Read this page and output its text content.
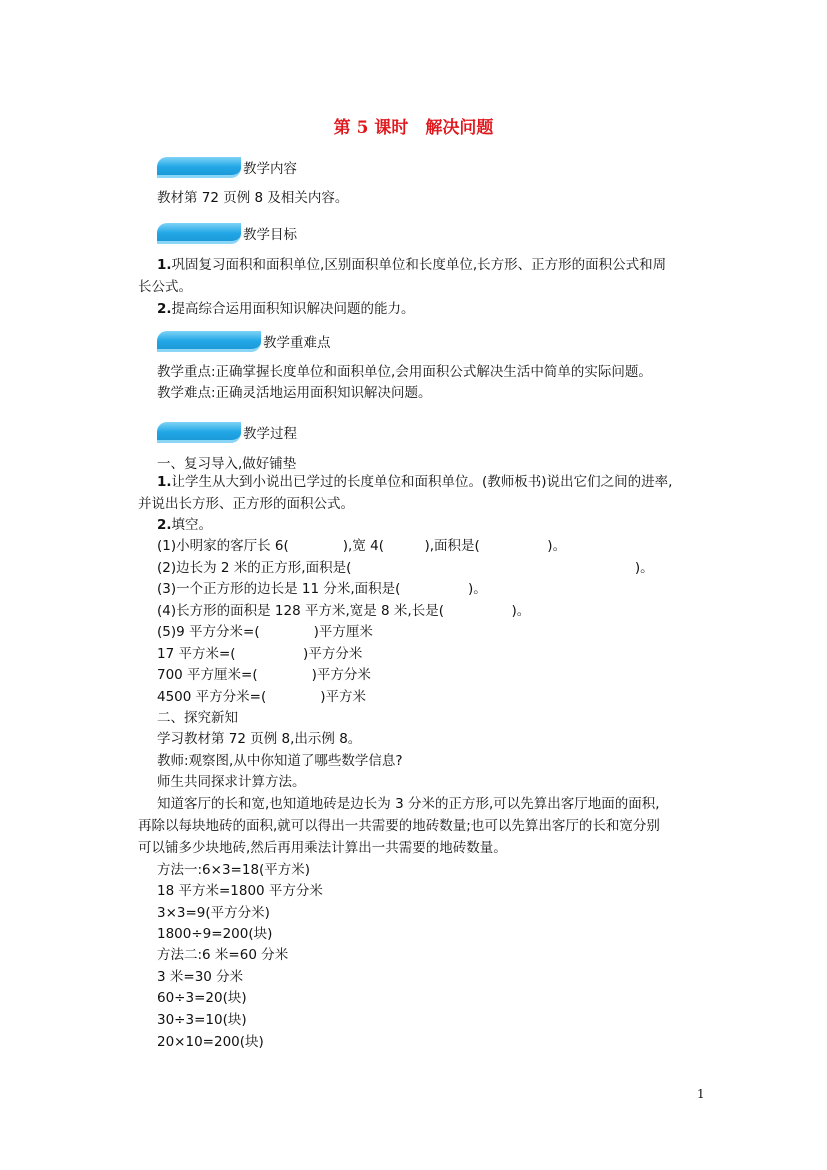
第 5 课时　解决问题
教学内容
教材第 72 页例 8 及相关内容。
教学目标
1.巩固复习面积和面积单位,区别面积单位和长度单位,长方形、正方形的面积公式和周
长公式。
2.提高综合运用面积知识解决问题的能力。
教学重难点
教学重点:正确掌握长度单位和面积单位,会用面积公式解决生活中简单的实际问题。
教学难点:正确灵活地运用面积知识解决问题。
教学过程
一、复习导入,做好铺垫
1.让学生从大到小说出已学过的长度单位和面积单位。(教师板书)说出它们之间的进率,
并说出长方形、正方形的面积公式。
2.填空。
(1)小明家的客厅长 6(　　　　),宽 4(　　　),面积是(　　　　　)。
(2)边长为 2 米的正方形,面积是(　　　　　　　　　　　　　　　　　　　　　)。
(3)一个正方形的边长是 11 分米,面积是(　　　　　)。
(4)长方形的面积是 128 平方米,宽是 8 米,长是(　　　　　)。
(5)9 平方分米=(　　　　)平方厘米
17 平方米=(　　　　　)平方分米
700 平方厘米=(　　　　)平方分米
4500 平方分米=(　　　　)平方米
二、探究新知
学习教材第 72 页例 8,出示例 8。
教师:观察图,从中你知道了哪些数学信息?
师生共同探求计算方法。
知道客厅的长和宽,也知道地砖是边长为 3 分米的正方形,可以先算出客厅地面的面积,
再除以每块地砖的面积,就可以得出一共需要的地砖数量;也可以先算出客厅的长和宽分别
可以铺多少块地砖,然后再用乘法计算出一共需要的地砖数量。
方法一:6×3=18(平方米)
18 平方米=1800 平方分米
3×3=9(平方分米)
1800÷9=200(块)
方法二:6 米=60 分米
3 米=30 分米
60÷3=20(块)
30÷3=10(块)
20×10=200(块)
1
